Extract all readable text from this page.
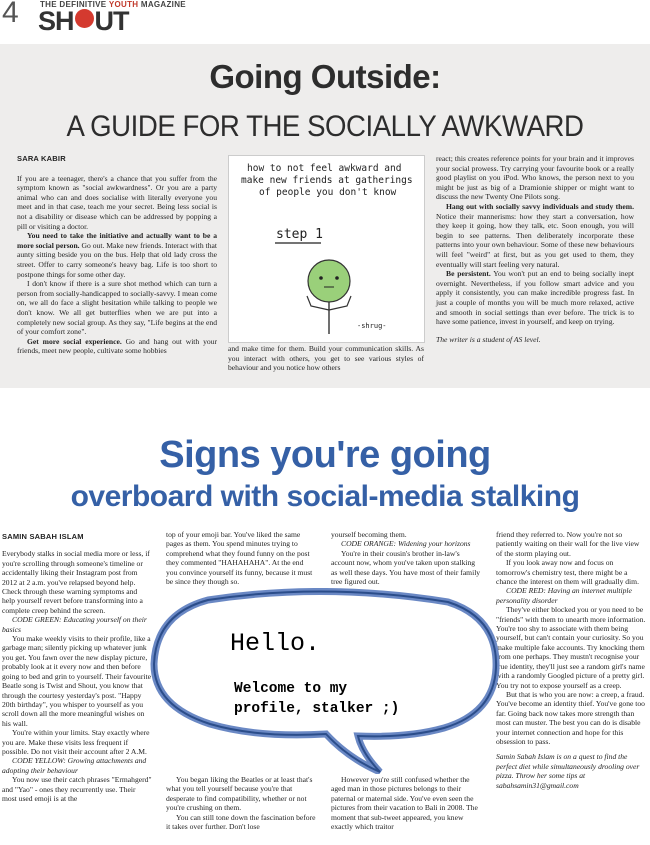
4	THE DEFINITIVE YOUTH MAGAZINE
SH UT
Going Outside:
A GUIDE FOR THE SOCIALLY AWKWARD
SARA KABIR

If you are a teenager, there's a chance that you suffer from the symptom known as "social awkwardness". Or you are a party animal who can and does socialise with literally everyone you meet and in that case, teach me your secret. Being less social is not a disability or disease which can be addressed by popping a pill or visiting a doctor.

You need to take the initiative and actually want to be a more social person. Go out. Make new friends. Interact with that aunty sitting beside you on the bus. Help that old lady cross the street. Offer to carry someone's heavy bag. Life is too short to postpone things for some other day.

I don't know if there is a sure shot method which can turn a person from socially-handicapped to socially-savvy. I mean come on, we all do face a slight hesitation while talking to people we don't know. We all get butterflies when we are put into a completely new social group. As they say, "Life begins at the end of your comfort zone".

Get more social experience. Go and hang out with your friends, meet new people, cultivate some hobbies

how to not feel awkward and
make new friends at gatherings
of people you don't know
step 1
-shrug-

and make time for them. Build your communication skills. As you interact with others, you get to see various styles of behaviour and you notice how others

react; this creates reference points for your brain and it improves your social prowess. Try carrying your favourite book or a really good playlist on you iPod. Who knows, the person next to you might be just as big of a Dramionie shipper or might want to discuss the new Twenty One Pilots song.

Hang out with socially savvy individuals and study them. Notice their mannerisms: how they start a conversation, how they keep it going, how they talk, etc. Soon enough, you will begin to see patterns. Then deliberately incorporate these patterns into your own behaviour. Some of these new behaviours will feel "weird" at first, but as you get used to them, they eventually will start feeling very natural.

Be persistent. You won't put an end to being socially inept overnight. Nevertheless, if you follow smart advice and you apply it consistently, you can make incredible progress fast. In just a couple of months you will be much more relaxed, active and smooth in social settings than ever before. The trick is to have some patience, invest in yourself, and keep on trying.

The writer is a student of AS level.

Signs you're going
overboard with social-media stalking
SAMIN SABAH ISLAM

Everybody stalks in social media more or less, if you're scrolling through someone's timeline or accidentally liking their Instagram post from 2012 at 2 a.m. you've relapsed beyond help. Check through these warning symptoms and help yourself revert before transforming into a complete creep behind the screen.

CODE GREEN: Educating yourself on their basics

You make weekly visits to their profile, like a garbage man; silently picking up whatever junk you get. You fawn over the new display picture, probably look at it every now and then before going to bed and grin to yourself. Their favourite Beatle song is Twist and Shout, you know that through the courtesy yesterday's post. "Happy 20th birthday", you whisper to yourself as you scroll down all the more meaningful wishes on his wall.

You're within your limits. Stay exactly where you are. Make these visits less frequent if possible. Do not visit their account after 2 A.M.

CODE YELLOW: Growing attachments and adopting their behaviour

You now use their catch phrases "Ermahgerd" and "Yao" - ones they recurrently use. Their most used emoji is at the

top of your emoji bar. You've liked the same pages as them. You spend minutes trying to comprehend what they found funny on the post they commented "HAHAHAHA". At the end you convince yourself its funny, because it must be since they though so.

You began liking the Beatles or at least that's what you tell yourself because you're that desperate to find compatibility, whether or not you're crushing on them.

You can still tone down the fascination before it takes over further. Don't lose

yourself becoming them.

CODE ORANGE: Widening your horizons

You're in their cousin's brother in-law's account now, whom you've taken upon stalking as well these days. You have most of their family tree figured out.

However you're still confused whether the aged man in those pictures belongs to their paternal or maternal side. You've even seen the pictures from their vacation to Bali in 2008. The moment that sub-tweet appeared, you knew exactly which traitor

friend they referred to. Now you're not so patiently waiting on their wall for the live view of the storm playing out.

If you look away now and focus on tomorrow's chemistry test, there might be a chance the interest on them will gradually dim.

CODE RED: Having an internet multiple personality disorder

They've either blocked you or you need to be "friends" with them to unearth more information. You're too shy to associate with them being yourself, but can't contain your curiosity. So you make multiple fake accounts. Try knocking them from one perhaps. They mustn't recognise your true identity, they'll just see a random girl's name with a randomly Googled picture of a pretty girl. You try not to expose yourself as a creep.

But that is who you are now: a creep, a fraud. You've become an identity thief. You've gone too far. Going back now takes more strength than most can muster. The best you can do is disable your internet connection and hope for this obsession to pass.

Samin Sabah Islam is on a quest to find the perfect diet while simultaneously drooling over pizza. Throw her some tips at sabahsamin31@gmail.com

Hello.
Welcome to my
profile, stalker ;)
